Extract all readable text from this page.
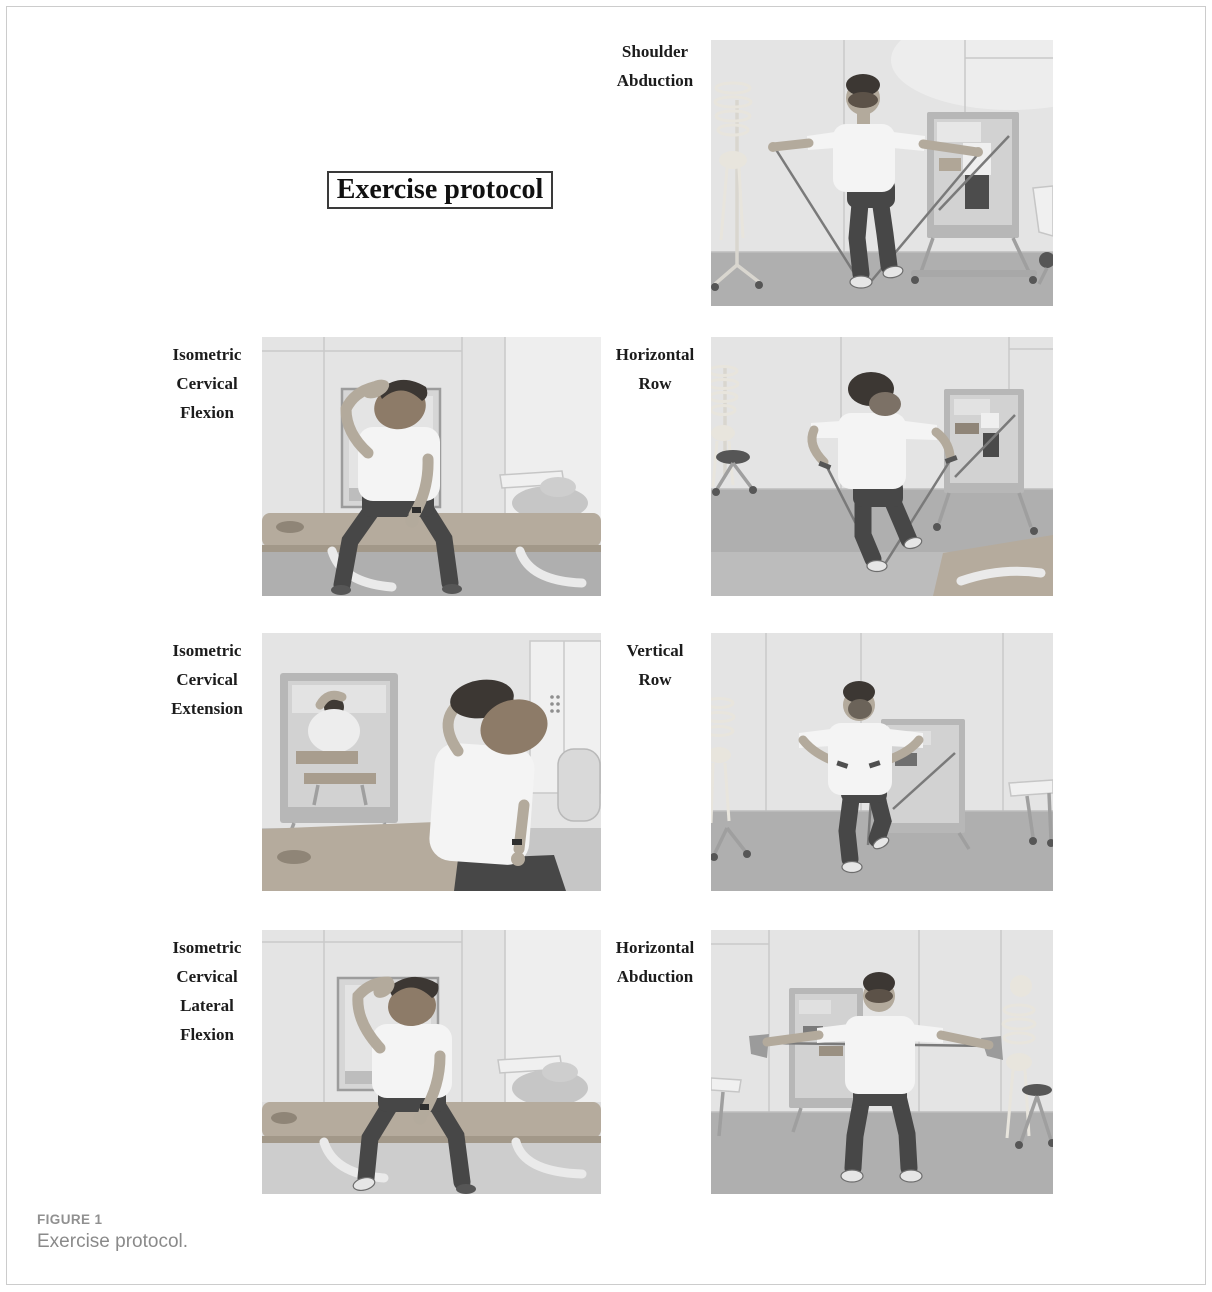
Exercise protocol
Shoulder
Abduction
Isometric
Cervical
Flexion
Horizontal
Row
Isometric
Cervical
Extension
Vertical
Row
Isometric
Cervical
Lateral
Flexion
Horizontal
Abduction
FIGURE 1
Exercise protocol.
